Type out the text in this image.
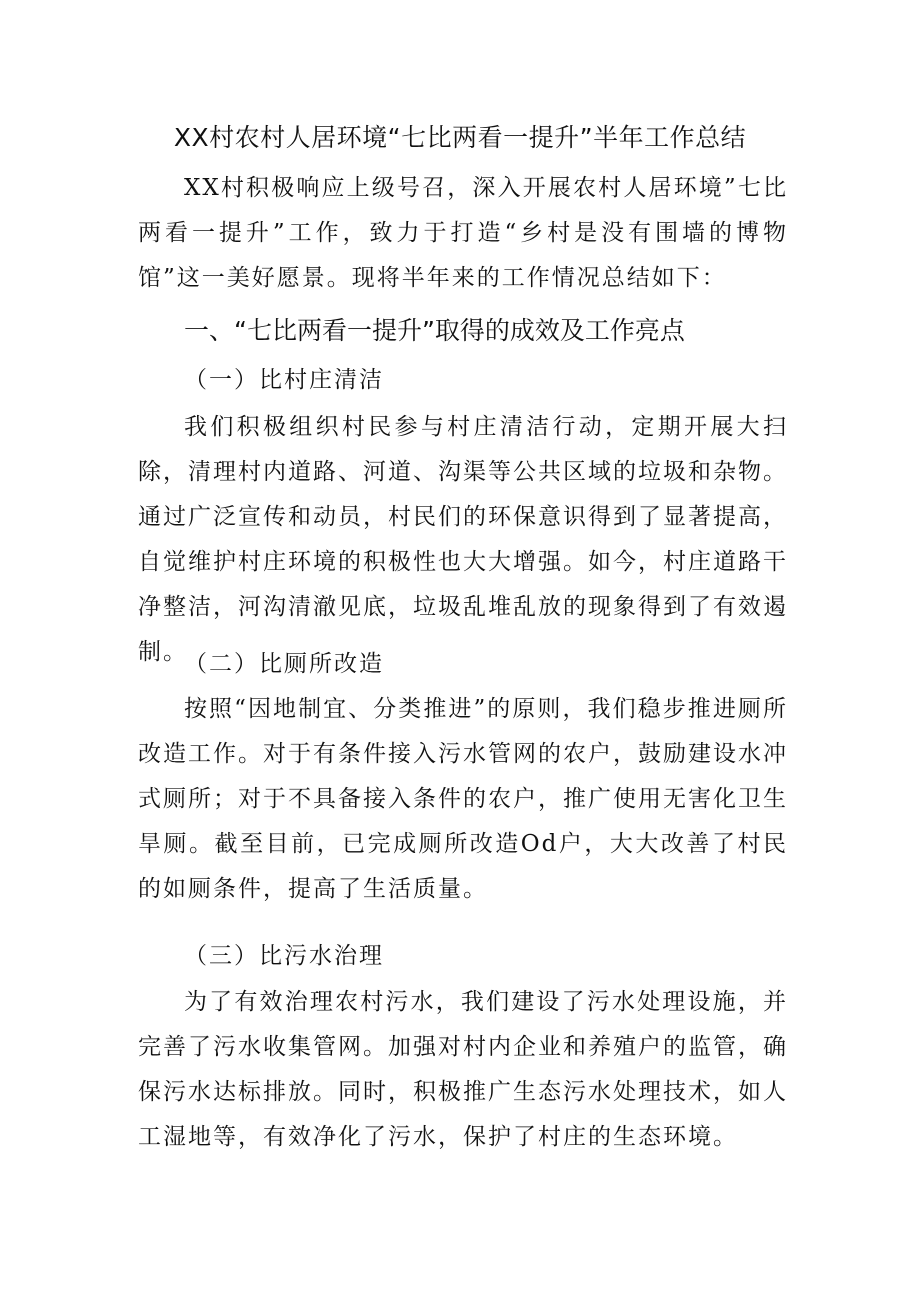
XX村农村人居环境“七比两看一提升”半年工作总结

XX村积极响应上级号召，深入开展农村人居环境”七比两看一提升”工作，致力于打造“乡村是没有围墙的博物馆”这一美好愿景。现将半年来的工作情况总结如下：

一、“七比两看一提升”取得的成效及工作亮点
（一）比村庄清洁

我们积极组织村民参与村庄清洁行动，定期开展大扫除，清理村内道路、河道、沟渠等公共区域的垃圾和杂物。通过广泛宣传和动员，村民们的环保意识得到了显著提高，自觉维护村庄环境的积极性也大大增强。如今，村庄道路干净整洁，河沟清澈见底，垃圾乱堆乱放的现象得到了有效遏制。

（二）比厕所改造

按照“因地制宜、分类推进”的原则，我们稳步推进厕所改造工作。对于有条件接入污水管网的农户，鼓励建设水冲式厕所；对于不具备接入条件的农户，推广使用无害化卫生旱厕。截至目前，已完成厕所改造Od户，大大改善了村民的如厕条件，提高了生活质量。

（三）比污水治理

为了有效治理农村污水，我们建设了污水处理设施，并完善了污水收集管网。加强对村内企业和养殖户的监管，确保污水达标排放。同时，积极推广生态污水处理技术，如人工湿地等，有效净化了污水，保护了村庄的生态环境。
